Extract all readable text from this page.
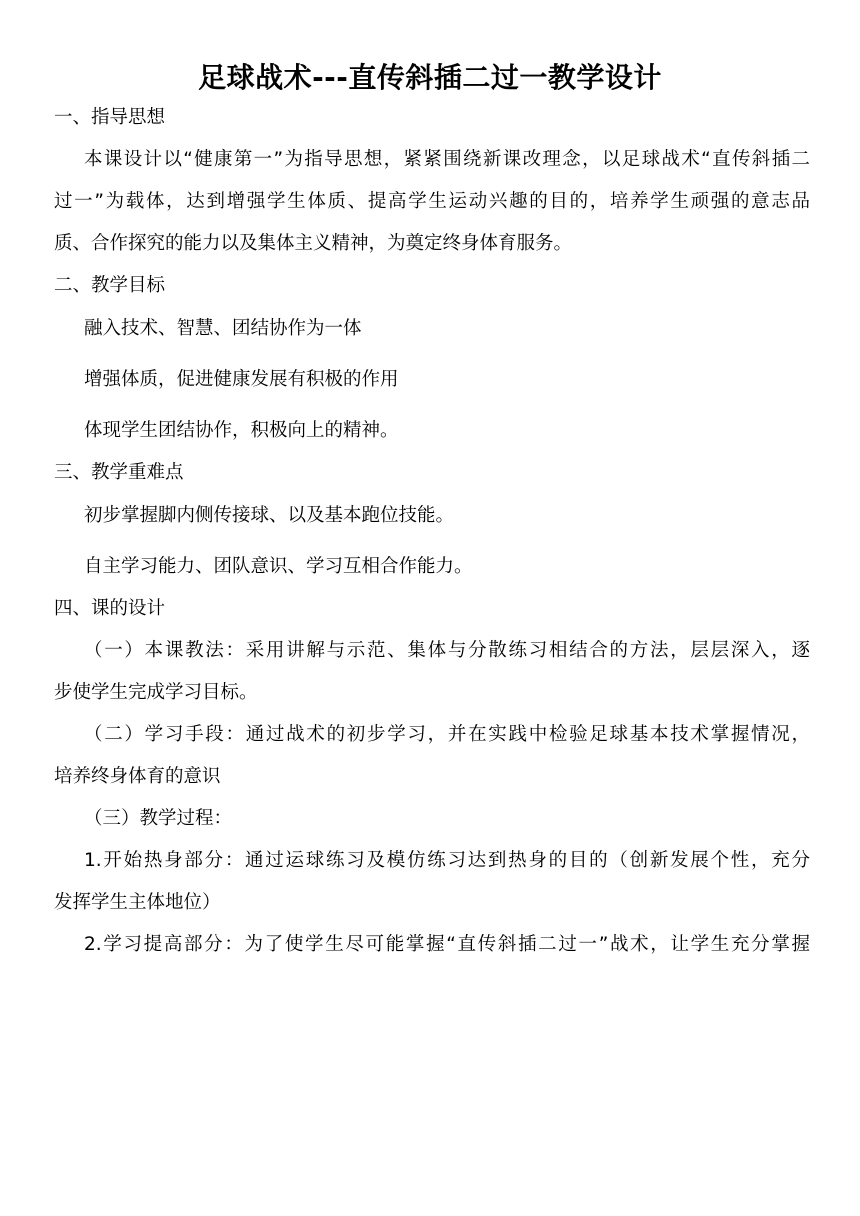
足球战术---直传斜插二过一教学设计
一、指导思想
本课设计以“健康第一”为指导思想，紧紧围绕新课改理念，以足球战术“直传斜插二
过一”为载体，达到增强学生体质、提高学生运动兴趣的目的，培养学生顽强的意志品
质、合作探究的能力以及集体主义精神，为奠定终身体育服务。
二、教学目标
融入技术、智慧、团结协作为一体
增强体质，促进健康发展有积极的作用
体现学生团结协作，积极向上的精神。
三、教学重难点
初步掌握脚内侧传接球、以及基本跑位技能。
自主学习能力、团队意识、学习互相合作能力。
四、课的设计
（一）本课教法：采用讲解与示范、集体与分散练习相结合的方法，层层深入，逐
步使学生完成学习目标。
（二）学习手段：通过战术的初步学习，并在实践中检验足球基本技术掌握情况，
培养终身体育的意识
（三）教学过程：
1.开始热身部分：通过运球练习及模仿练习达到热身的目的（创新发展个性，充分
发挥学生主体地位）
2.学习提高部分：为了使学生尽可能掌握“直传斜插二过一”战术，让学生充分掌握
